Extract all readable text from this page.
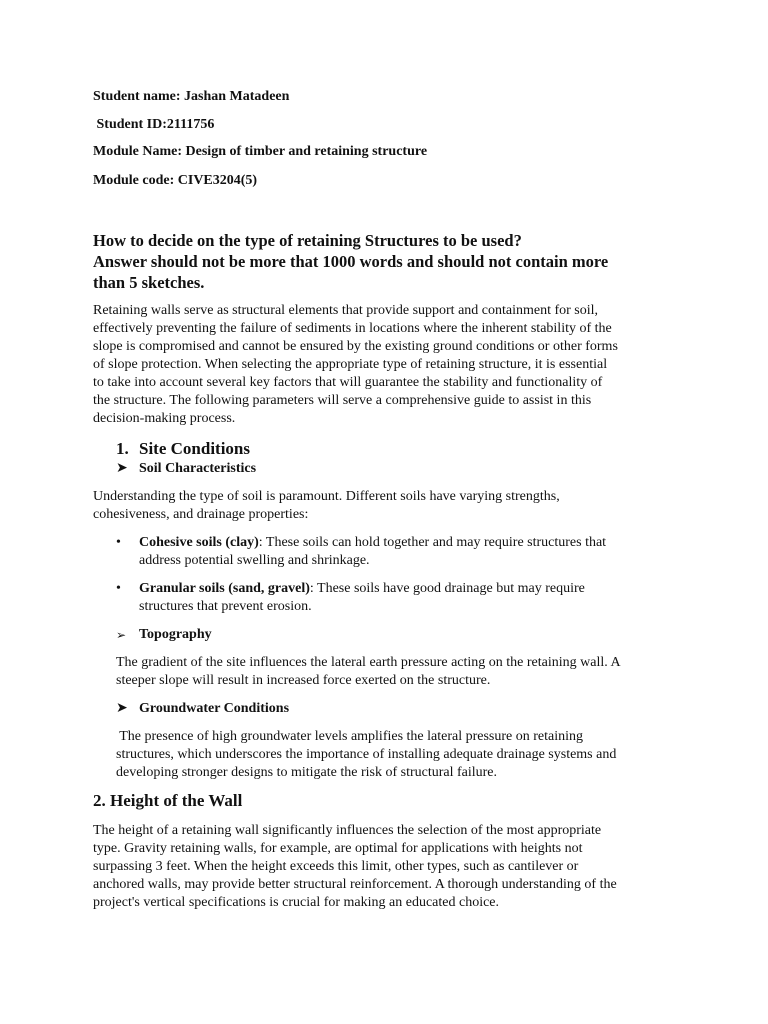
Student name: Jashan Matadeen

Student ID:2111756

Module Name: Design of timber and retaining structure

Module code: CIVE3204(5)

How to decide on the type of retaining Structures to be used?
Answer should not be more that 1000 words and should not contain more
than 5 sketches.
Retaining walls serve as structural elements that provide support and containment for soil,
effectively preventing the failure of sediments in locations where the inherent stability of the
slope is compromised and cannot be ensured by the existing ground conditions or other forms
of slope protection. When selecting the appropriate type of retaining structure, it is essential
to take into account several key factors that will guarantee the stability and functionality of
the structure. The following parameters will serve a comprehensive guide to assist in this
decision-making process.
1. Site Conditions
➤ Soil Characteristics
Understanding the type of soil is paramount. Different soils have varying strengths,
cohesiveness, and drainage properties:
• Cohesive soils (clay): These soils can hold together and may require structures that
address potential swelling and shrinkage.
• Granular soils (sand, gravel): These soils have good drainage but may require
structures that prevent erosion.
➢ Topography
The gradient of the site influences the lateral earth pressure acting on the retaining wall. A
steeper slope will result in increased force exerted on the structure.
➤ Groundwater Conditions
The presence of high groundwater levels amplifies the lateral pressure on retaining
structures, which underscores the importance of installing adequate drainage systems and
developing stronger designs to mitigate the risk of structural failure.
2. Height of the Wall
The height of a retaining wall significantly influences the selection of the most appropriate
type. Gravity retaining walls, for example, are optimal for applications with heights not
surpassing 3 feet. When the height exceeds this limit, other types, such as cantilever or
anchored walls, may provide better structural reinforcement. A thorough understanding of the
project's vertical specifications is crucial for making an educated choice.
